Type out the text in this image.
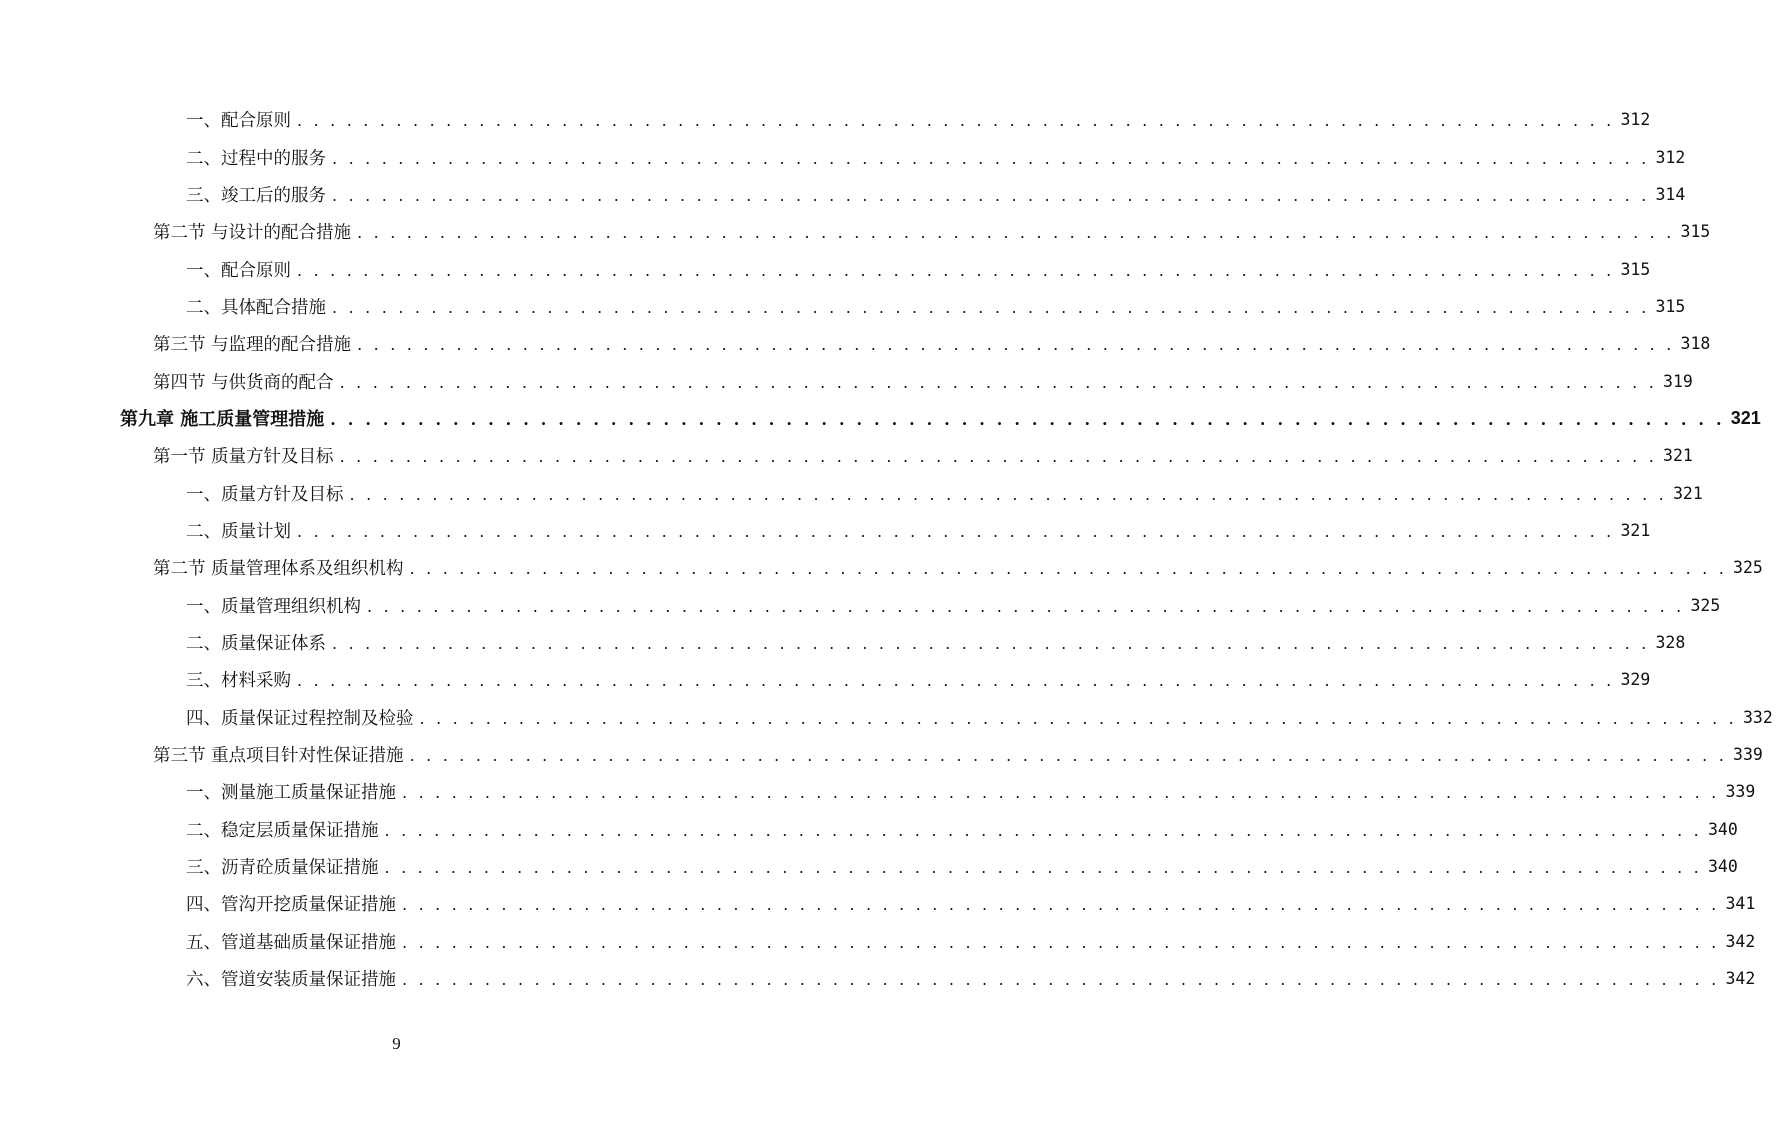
一、配合原则 . . . . . . . . . . . . . . . . . . . . . . . . . . . . . . . . . . . . . . . . . . . . . . . . . . . . . . . . . . . . . . . . . . . . . . . . . . . . . . . . 312
二、过程中的服务 . . . . . . . . . . . . . . . . . . . . . . . . . . . . . . . . . . . . . . . . . . . . . . . . . . . . . . . . . . . . . . . . . . . . . . . . . . . . . . . . 312
三、竣工后的服务 . . . . . . . . . . . . . . . . . . . . . . . . . . . . . . . . . . . . . . . . . . . . . . . . . . . . . . . . . . . . . . . . . . . . . . . . . . . . . . . . 314
第二节 与设计的配合措施 . . . . . . . . . . . . . . . . . . . . . . . . . . . . . . . . . . . . . . . . . . . . . . . . . . . . . . . . . . . . . . . . . . . . . . . . . . . . . . . . 315
一、配合原则 . . . . . . . . . . . . . . . . . . . . . . . . . . . . . . . . . . . . . . . . . . . . . . . . . . . . . . . . . . . . . . . . . . . . . . . . . . . . . . . . 315
二、具体配合措施 . . . . . . . . . . . . . . . . . . . . . . . . . . . . . . . . . . . . . . . . . . . . . . . . . . . . . . . . . . . . . . . . . . . . . . . . . . . . . . . . 315
第三节 与监理的配合措施 . . . . . . . . . . . . . . . . . . . . . . . . . . . . . . . . . . . . . . . . . . . . . . . . . . . . . . . . . . . . . . . . . . . . . . . . . . . . . . . . 318
第四节 与供货商的配合 . . . . . . . . . . . . . . . . . . . . . . . . . . . . . . . . . . . . . . . . . . . . . . . . . . . . . . . . . . . . . . . . . . . . . . . . . . . . . . . . 319
第九章 施工质量管理措施 . . . . . . . . . . . . . . . . . . . . . . . . . . . . . . . . . . . . . . . . . . . . . . . . . . . . . . . . . . . . . . . . . . . . . . . . . . . . . . . . 321
第一节 质量方针及目标 . . . . . . . . . . . . . . . . . . . . . . . . . . . . . . . . . . . . . . . . . . . . . . . . . . . . . . . . . . . . . . . . . . . . . . . . . . . . . . . . 321
一、质量方针及目标 . . . . . . . . . . . . . . . . . . . . . . . . . . . . . . . . . . . . . . . . . . . . . . . . . . . . . . . . . . . . . . . . . . . . . . . . . . . . . . . . 321
二、质量计划 . . . . . . . . . . . . . . . . . . . . . . . . . . . . . . . . . . . . . . . . . . . . . . . . . . . . . . . . . . . . . . . . . . . . . . . . . . . . . . . . 321
第二节 质量管理体系及组织机构 . . . . . . . . . . . . . . . . . . . . . . . . . . . . . . . . . . . . . . . . . . . . . . . . . . . . . . . . . . . . . . . . . . . . . . . . . . . . . . . . 325
一、质量管理组织机构 . . . . . . . . . . . . . . . . . . . . . . . . . . . . . . . . . . . . . . . . . . . . . . . . . . . . . . . . . . . . . . . . . . . . . . . . . . . . . . . . 325
二、质量保证体系 . . . . . . . . . . . . . . . . . . . . . . . . . . . . . . . . . . . . . . . . . . . . . . . . . . . . . . . . . . . . . . . . . . . . . . . . . . . . . . . . 328
三、材料采购 . . . . . . . . . . . . . . . . . . . . . . . . . . . . . . . . . . . . . . . . . . . . . . . . . . . . . . . . . . . . . . . . . . . . . . . . . . . . . . . . 329
四、质量保证过程控制及检验 . . . . . . . . . . . . . . . . . . . . . . . . . . . . . . . . . . . . . . . . . . . . . . . . . . . . . . . . . . . . . . . . . . . . . . . . . . . . . . . . 332
第三节 重点项目针对性保证措施 . . . . . . . . . . . . . . . . . . . . . . . . . . . . . . . . . . . . . . . . . . . . . . . . . . . . . . . . . . . . . . . . . . . . . . . . . . . . . . . . 339
一、测量施工质量保证措施 . . . . . . . . . . . . . . . . . . . . . . . . . . . . . . . . . . . . . . . . . . . . . . . . . . . . . . . . . . . . . . . . . . . . . . . . . . . . . . . . 339
二、稳定层质量保证措施 . . . . . . . . . . . . . . . . . . . . . . . . . . . . . . . . . . . . . . . . . . . . . . . . . . . . . . . . . . . . . . . . . . . . . . . . . . . . . . . . 340
三、沥青砼质量保证措施 . . . . . . . . . . . . . . . . . . . . . . . . . . . . . . . . . . . . . . . . . . . . . . . . . . . . . . . . . . . . . . . . . . . . . . . . . . . . . . . . 340
四、管沟开挖质量保证措施 . . . . . . . . . . . . . . . . . . . . . . . . . . . . . . . . . . . . . . . . . . . . . . . . . . . . . . . . . . . . . . . . . . . . . . . . . . . . . . . . 341
五、管道基础质量保证措施 . . . . . . . . . . . . . . . . . . . . . . . . . . . . . . . . . . . . . . . . . . . . . . . . . . . . . . . . . . . . . . . . . . . . . . . . . . . . . . . . 342
六、管道安装质量保证措施 . . . . . . . . . . . . . . . . . . . . . . . . . . . . . . . . . . . . . . . . . . . . . . . . . . . . . . . . . . . . . . . . . . . . . . . . . . . . . . . . 342
9
